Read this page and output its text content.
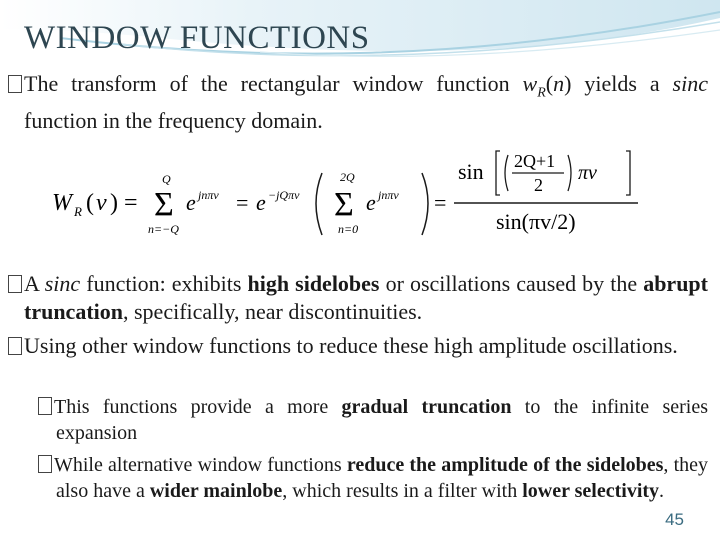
WINDOW FUNCTIONS
The transform of the rectangular window function $w_R(n)$ yields a sinc function in the frequency domain.
W R ( v ) =
Q
Σ
n=−Q
e jnπv = e −jQπv
2Q
Σ
n=0
e jnπv =
sin 2Q+1
2
πv
sin(πv/2)
A sinc function: exhibits high sidelobes or oscillations caused by the abrupt truncation, specifically, near discontinuities.
Using other window functions to reduce these high amplitude oscillations.
This functions provide a more gradual truncation to the infinite series expansion
While alternative window functions reduce the amplitude of the sidelobes, they also have a wider mainlobe, which results in a filter with lower selectivity.
45
